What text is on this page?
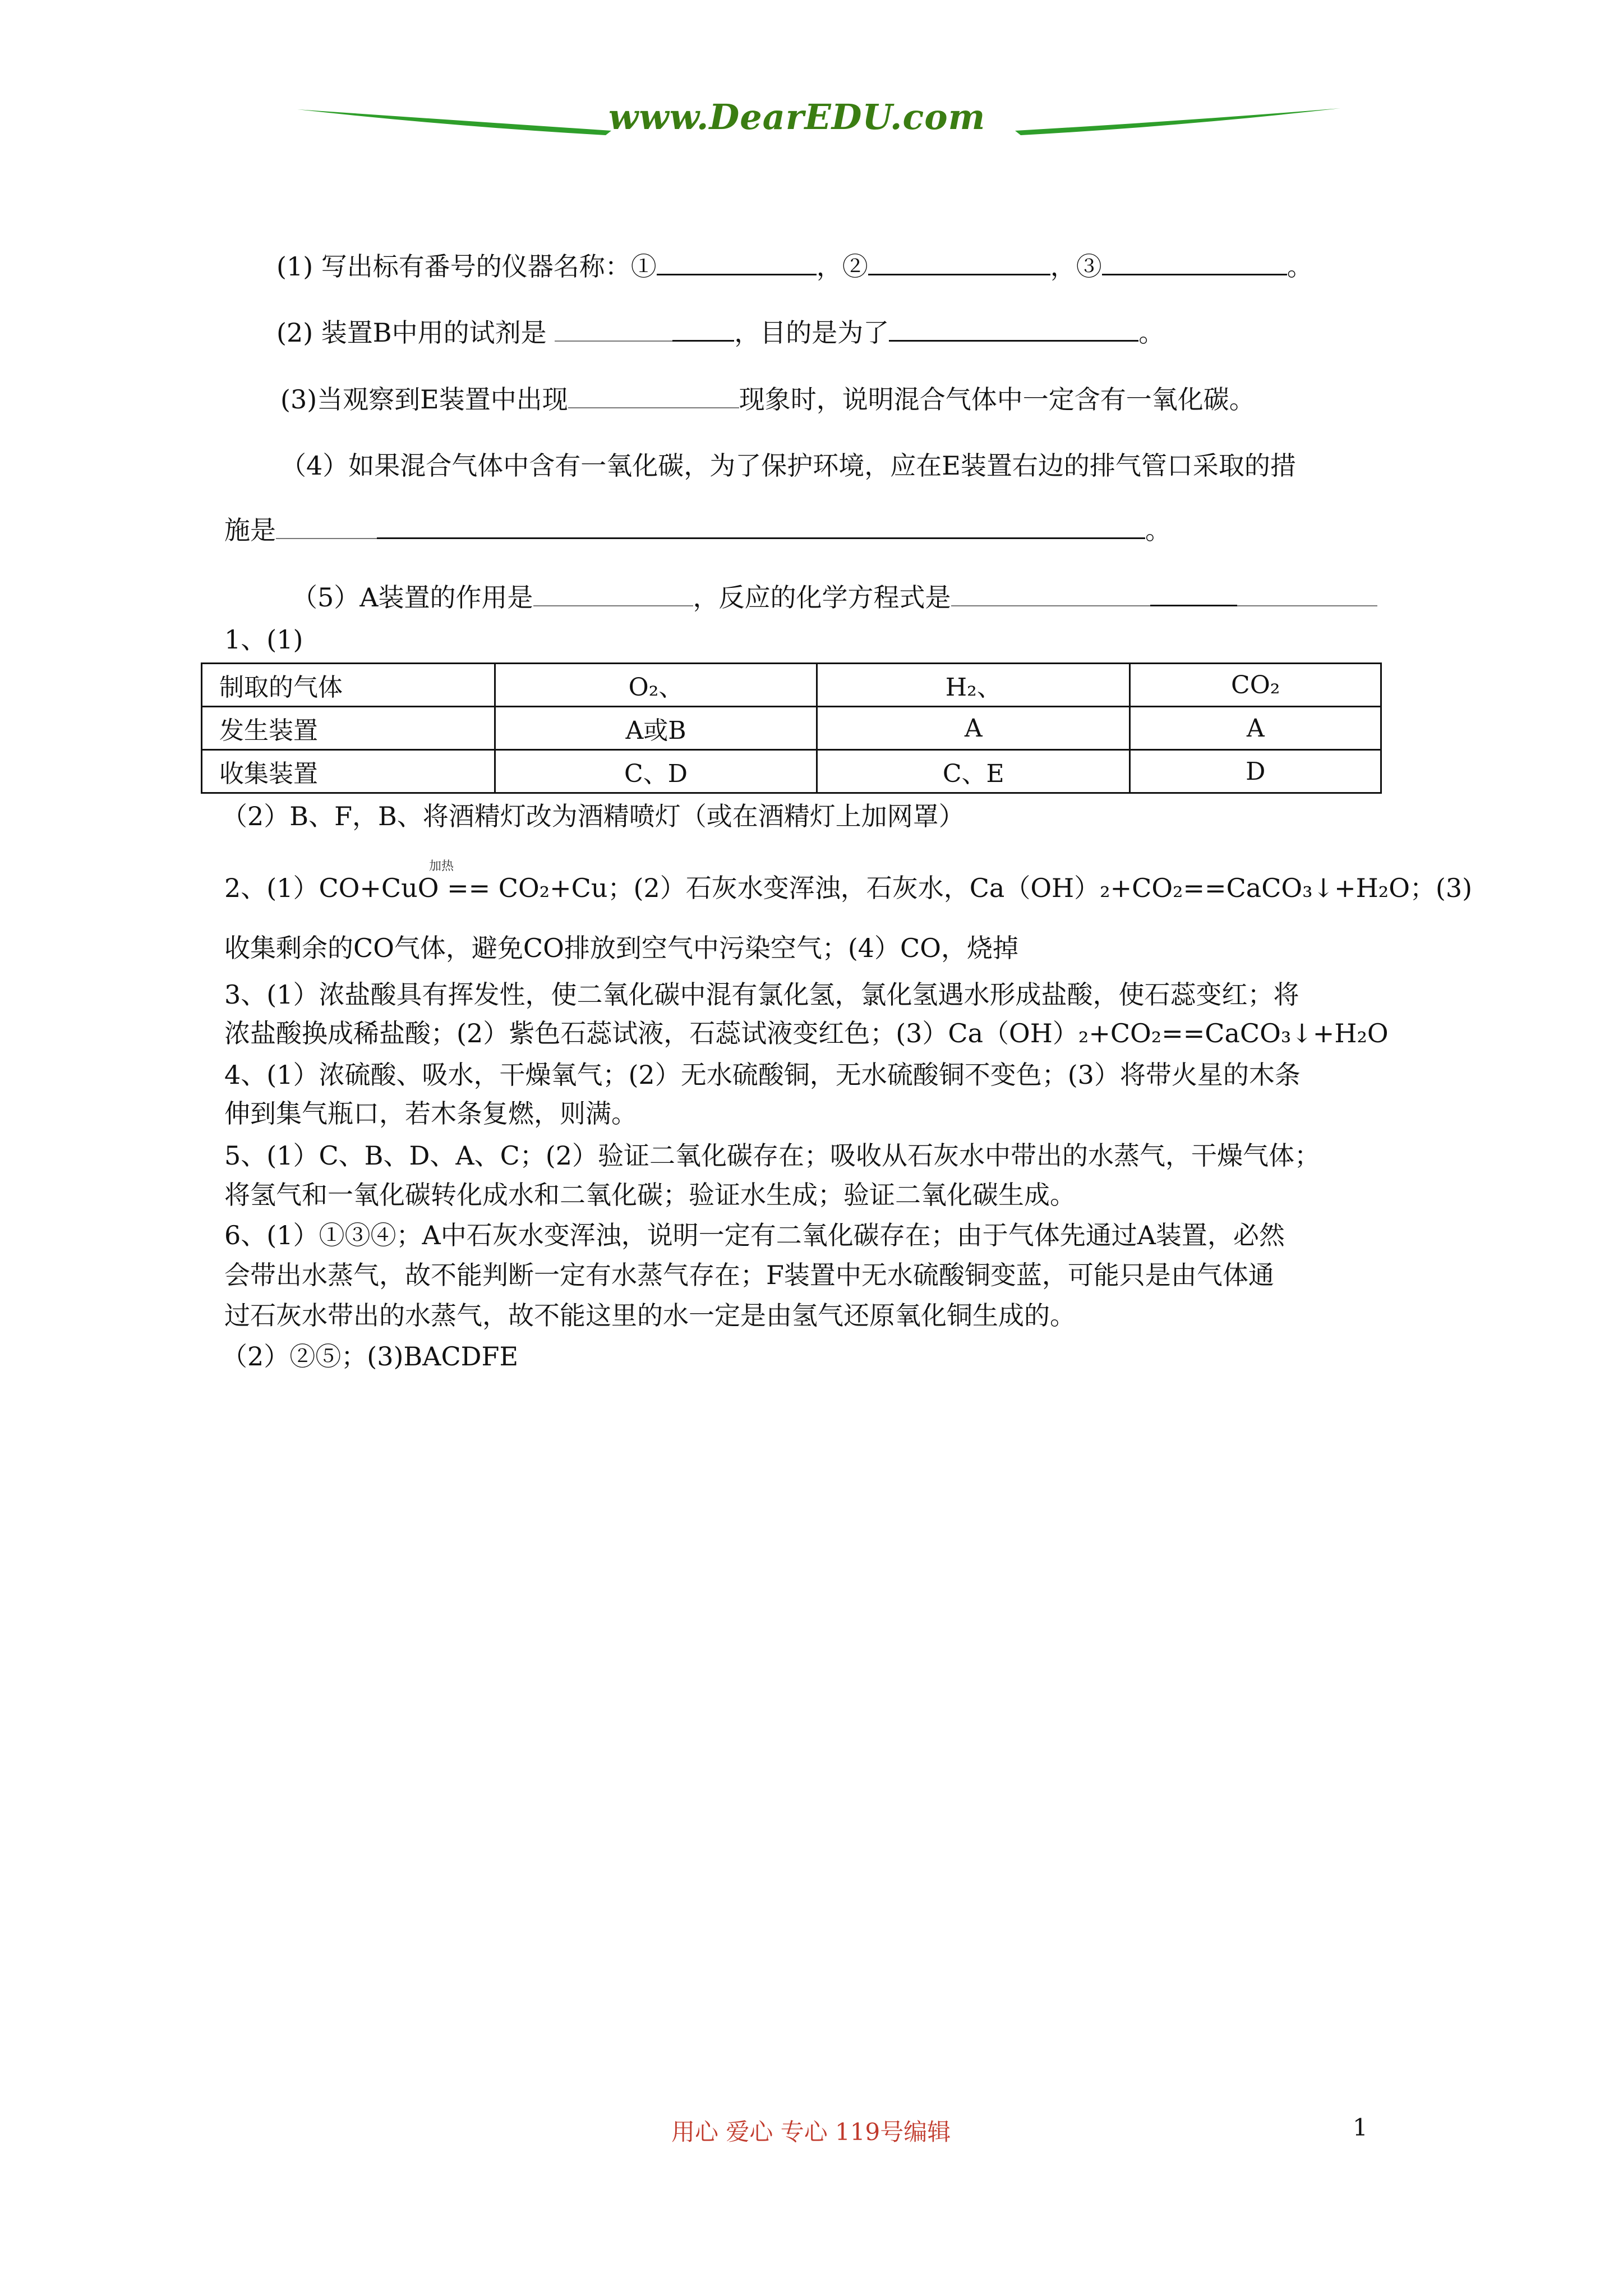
www.DearEDU.com
(1) 写出标有番号的仪器名称：①	，②	，③	。
(2) 装置B中用的试剂是	，目的是为了	。
(3)当观察到E装置中出现	现象时，说明混合气体中一定含有一氧化碳。
（4）如果混合气体中含有一氧化碳，为了保护环境，应在E装置右边的排气管口采取的措
施是	。
（5）A装置的作用是	，反应的化学方程式是
1、(1)
制取的气体	O₂、	H₂、	CO₂
发生装置	A或B	A	A
收集装置	C、D	C、E	D
（2）B、F，B、将酒精灯改为酒精喷灯（或在酒精灯上加网罩）
加热
2、(1）CO+CuO == CO₂+Cu；(2）石灰水变浑浊，石灰水，Ca（OH）₂+CO₂==CaCO₃↓+H₂O；(3)
收集剩余的CO气体，避免CO排放到空气中污染空气；(4）CO，烧掉
3、(1）浓盐酸具有挥发性，使二氧化碳中混有氯化氢，氯化氢遇水形成盐酸，使石蕊变红；将
浓盐酸换成稀盐酸；(2）紫色石蕊试液，石蕊试液变红色；(3）Ca（OH）₂+CO₂==CaCO₃↓+H₂O
4、(1）浓硫酸、吸水，干燥氧气；(2）无水硫酸铜，无水硫酸铜不变色；(3）将带火星的木条
伸到集气瓶口，若木条复燃，则满。
5、(1）C、B、D、A、C；(2）验证二氧化碳存在；吸收从石灰水中带出的水蒸气，干燥气体；
将氢气和一氧化碳转化成水和二氧化碳；验证水生成；验证二氧化碳生成。
6、(1）①③④；A中石灰水变浑浊，说明一定有二氧化碳存在；由于气体先通过A装置，必然
会带出水蒸气，故不能判断一定有水蒸气存在；F装置中无水硫酸铜变蓝，可能只是由气体通
过石灰水带出的水蒸气，故不能这里的水一定是由氢气还原氧化铜生成的。
（2）②⑤；(3)BACDFE
用心 爱心 专心 119号编辑	1
